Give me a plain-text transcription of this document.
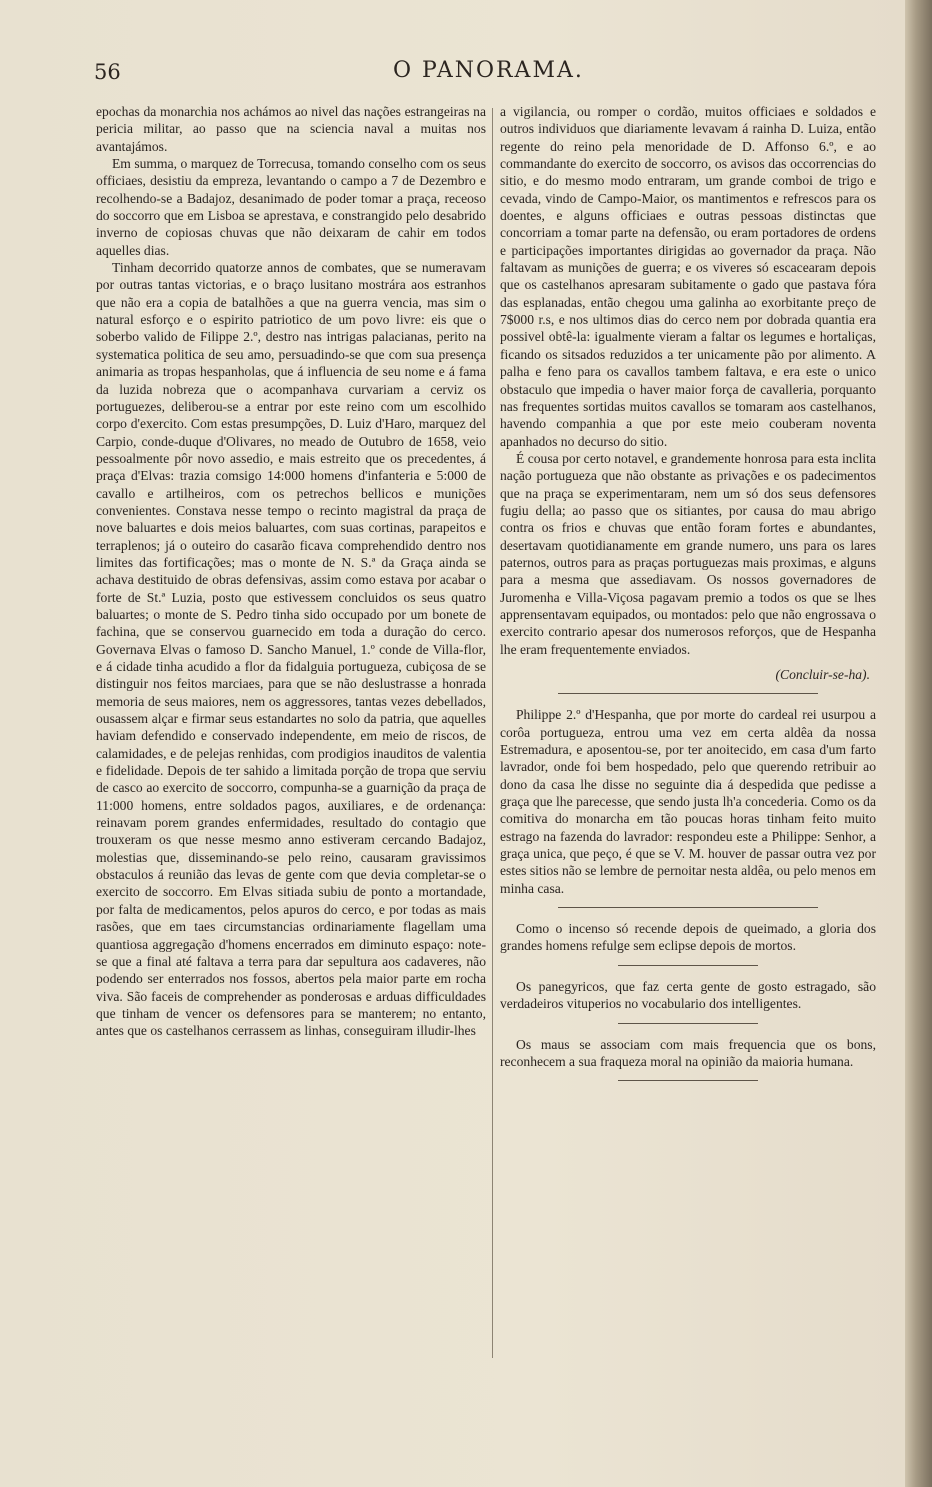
56	O PANORAMA.

epochas da monarchia nos achámos ao nivel das nações estrangeiras na pericia militar, ao passo que na sciencia naval a muitas nos avantajámos.

Em summa, o marquez de Torrecusa, tomando conselho com os seus officiaes, desistiu da empreza, levantando o campo a 7 de Dezembro e recolhendo-se a Badajoz, desanimado de poder tomar a praça, receoso do soccorro que em Lisboa se aprestava, e constrangido pelo desabrido inverno de copiosas chuvas que não deixaram de cahir em todos aquelles dias.

Tinham decorrido quatorze annos de combates, que se numeravam por outras tantas victorias, e o braço lusitano mostrára aos estranhos que não era a copia de batalhões a que na guerra vencia, mas sim o natural esforço e o espirito patriotico de um povo livre: eis que o soberbo valido de Filippe 2.º, destro nas intrigas palacianas, perito na systematica politica de seu amo, persuadindo-se que com sua presença animaria as tropas hespanholas, que á influencia de seu nome e á fama da luzida nobreza que o acompanhava curvariam a cerviz os portuguezes, deliberou-se a entrar por este reino com um escolhido corpo d'exercito. Com estas presumpções, D. Luiz d'Haro, marquez del Carpio, conde-duque d'Olivares, no meado de Outubro de 1658, veio pessoalmente pôr novo assedio, e mais estreito que os precedentes, á praça d'Elvas: trazia comsigo 14:000 homens d'infanteria e 5:000 de cavallo e artilheiros, com os petrechos bellicos e munições convenientes. Constava nesse tempo o recinto magistral da praça de nove baluartes e dois meios baluartes, com suas cortinas, parapeitos e terraplenos; já o outeiro do casarão ficava comprehendido dentro nos limites das fortificações; mas o monte de N. S.ª da Graça ainda se achava destituido de obras defensivas, assim como estava por acabar o forte de St.ª Luzia, posto que estivessem concluidos os seus quatro baluartes; o monte de S. Pedro tinha sido occupado por um bonete de fachina, que se conservou guarnecido em toda a duração do cerco. Governava Elvas o famoso D. Sancho Manuel, 1.º conde de Villa-flor, e á cidade tinha acudido a flor da fidalguia portugueza, cubiçosa de se distinguir nos feitos marciaes, para que se não deslustrasse a honrada memoria de seus maiores, nem os aggressores, tantas vezes debellados, ousassem alçar e firmar seus estandartes no solo da patria, que aquelles haviam defendido e conservado independente, em meio de riscos, de calamidades, e de pelejas renhidas, com prodigios inauditos de valentia e fidelidade. Depois de ter sahido a limitada porção de tropa que serviu de casco ao exercito de soccorro, compunha-se a guarnição da praça de 11:000 homens, entre soldados pagos, auxiliares, e de ordenança: reinavam porem grandes enfermidades, resultado do contagio que trouxeram os que nesse mesmo anno estiveram cercando Badajoz, molestias que, disseminando-se pelo reino, causaram gravissimos obstaculos á reunião das levas de gente com que devia completar-se o exercito de soccorro. Em Elvas sitiada subiu de ponto a mortandade, por falta de medicamentos, pelos apuros do cerco, e por todas as mais rasões, que em taes circumstancias ordinariamente flagellam uma quantiosa aggregação d'homens encerrados em diminuto espaço: note-se que a final até faltava a terra para dar sepultura aos cadaveres, não podendo ser enterrados nos fossos, abertos pela maior parte em rocha viva. São faceis de comprehender as ponderosas e arduas difficuldades que tinham de vencer os defensores para se manterem; no entanto, antes que os castelhanos cerrassem as linhas, conseguiram illudir-lhes

a vigilancia, ou romper o cordão, muitos officiaes e soldados e outros individuos que diariamente levavam á rainha D. Luiza, então regente do reino pela menoridade de D. Affonso 6.º, e ao commandante do exercito de soccorro, os avisos das occorrencias do sitio, e do mesmo modo entraram, um grande comboi de trigo e cevada, vindo de Campo-Maior, os mantimentos e refrescos para os doentes, e alguns officiaes e outras pessoas distinctas que concorriam a tomar parte na defensão, ou eram portadores de ordens e participações importantes dirigidas ao governador da praça. Não faltavam as munições de guerra; e os viveres só escacearam depois que os castelhanos apresaram subitamente o gado que pastava fóra das esplanadas, então chegou uma galinha ao exorbitante preço de 7$000 r.s, e nos ultimos dias do cerco nem por dobrada quantia era possivel obtê-la: igualmente vieram a faltar os legumes e hortaliças, ficando os sitsados reduzidos a ter unicamente pão por alimento. A palha e feno para os cavallos tambem faltava, e era este o unico obstaculo que impedia o haver maior força de cavalleria, porquanto nas frequentes sortidas muitos cavallos se tomaram aos castelhanos, havendo companhia a que por este meio couberam noventa apanhados no decurso do sitio.

É cousa por certo notavel, e grandemente honrosa para esta inclita nação portugueza que não obstante as privações e os padecimentos que na praça se experimentaram, nem um só dos seus defensores fugiu della; ao passo que os sitiantes, por causa do mau abrigo contra os frios e chuvas que então foram fortes e abundantes, desertavam quotidianamente em grande numero, uns para os lares paternos, outros para as praças portuguezas mais proximas, e alguns para a mesma que assediavam. Os nossos governadores de Juromenha e Villa-Viçosa pagavam premio a todos os que se lhes apprensentavam equipados, ou montados: pelo que não engrossava o exercito contrario apesar dos numerosos reforços, que de Hespanha lhe eram frequentemente enviados.

(Concluir-se-ha).

Philippe 2.º d'Hespanha, que por morte do cardeal rei usurpou a corôa portugueza, entrou uma vez em certa aldêa da nossa Estremadura, e aposentou-se, por ter anoitecido, em casa d'um farto lavrador, onde foi bem hospedado, pelo que querendo retribuir ao dono da casa lhe disse no seguinte dia á despedida que pedisse a graça que lhe parecesse, que sendo justa lh'a concederia. Como os da comitiva do monarcha em tão poucas horas tinham feito muito estrago na fazenda do lavrador: respondeu este a Philippe: Senhor, a graça unica, que peço, é que se V. M. houver de passar outra vez por estes sitios não se lembre de pernoitar nesta aldêa, ou pelo menos em minha casa.

Como o incenso só recende depois de queimado, a gloria dos grandes homens refulge sem eclipse depois de mortos.

Os panegyricos, que faz certa gente de gosto estragado, são verdadeiros vituperios no vocabulario dos intelligentes.

Os maus se associam com mais frequencia que os bons, reconhecem a sua fraqueza moral na opinião da maioria humana.
